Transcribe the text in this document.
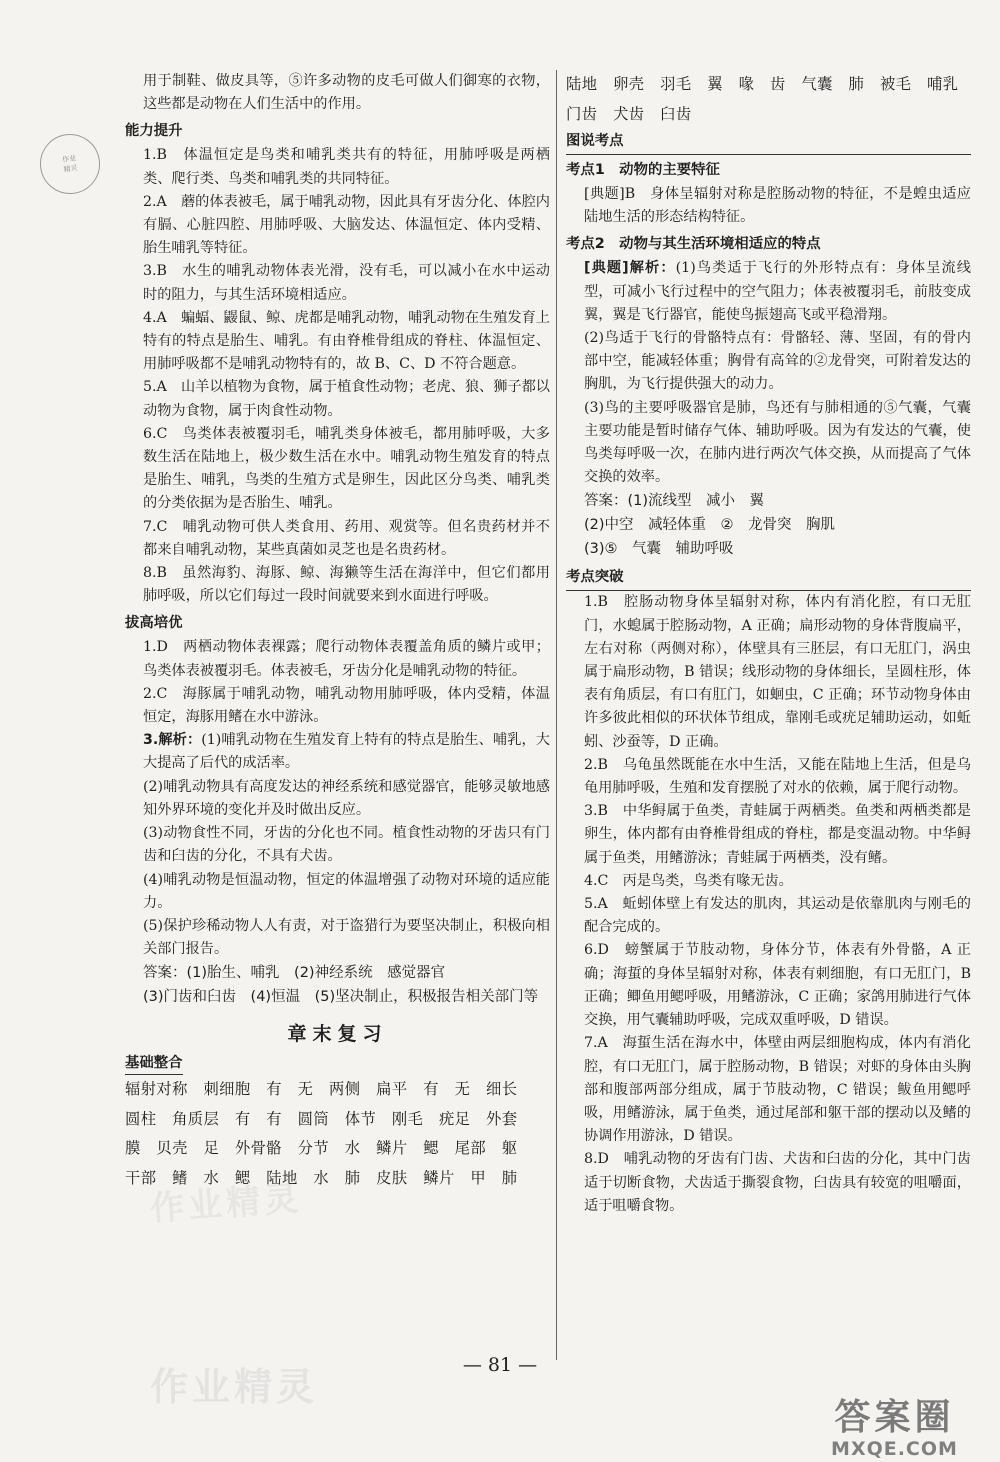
作业
精灵

用于制鞋、做皮具等，⑤许多动物的皮毛可做人们御寒的衣物，这些都是动物在人们生活中的作用。

能力提升

1.B　体温恒定是鸟类和哺乳类共有的特征，用肺呼吸是两栖类、爬行类、鸟类和哺乳类的共同特征。

2.A　蘑的体表被毛，属于哺乳动物，因此具有牙齿分化、体腔内有膈、心脏四腔、用肺呼吸、大脑发达、体温恒定、体内受精、胎生哺乳等特征。

3.B　水生的哺乳动物体表光滑，没有毛，可以减小在水中运动时的阻力，与其生活环境相适应。

4.A　蝙蝠、鼹鼠、鲸、虎都是哺乳动物，哺乳动物在生殖发育上特有的特点是胎生、哺乳。有由脊椎骨组成的脊柱、体温恒定、用肺呼吸都不是哺乳动物特有的，故 B、C、D 不符合题意。

5.A　山羊以植物为食物，属于植食性动物；老虎、狼、狮子都以动物为食物，属于肉食性动物。

6.C　鸟类体表被覆羽毛，哺乳类身体被毛，都用肺呼吸，大多数生活在陆地上，极少数生活在水中。哺乳动物生殖发育的特点是胎生、哺乳，鸟类的生殖方式是卵生，因此区分鸟类、哺乳类的分类依据为是否胎生、哺乳。

7.C　哺乳动物可供人类食用、药用、观赏等。但名贵药材并不都来自哺乳动物，某些真菌如灵芝也是名贵药材。

8.B　虽然海豹、海豚、鲸、海獭等生活在海洋中，但它们都用肺呼吸，所以它们每过一段时间就要来到水面进行呼吸。

拔高培优

1.D　两栖动物体表裸露；爬行动物体表覆盖角质的鳞片或甲；鸟类体表被覆羽毛。体表被毛，牙齿分化是哺乳动物的特征。

2.C　海豚属于哺乳动物，哺乳动物用肺呼吸，体内受精，体温恒定，海豚用鳍在水中游泳。

3.解析：(1)哺乳动物在生殖发育上特有的特点是胎生、哺乳，大大提高了后代的成活率。

(2)哺乳动物具有高度发达的神经系统和感觉器官，能够灵敏地感知外界环境的变化并及时做出反应。

(3)动物食性不同，牙齿的分化也不同。植食性动物的牙齿只有门齿和臼齿的分化，不具有犬齿。

(4)哺乳动物是恒温动物，恒定的体温增强了动物对环境的适应能力。

(5)保护珍稀动物人人有责，对于盗猎行为要坚决制止，积极向相关部门报告。

答案：(1)胎生、哺乳　(2)神经系统　感觉器官

(3)门齿和臼齿　(4)恒温　(5)坚决制止，积极报告相关部门等

章末复习
基础整合
辐射对称　刺细胞　有　无　两侧　扁平　有　无　细长
圆柱　角质层　有　有　圆筒　体节　刚毛　疣足　外套
膜　贝壳　足　外骨骼　分节　水　鳞片　鳃　尾部　躯
干部　鳍　水　鳃　陆地　水　肺　皮肤　鳞片　甲　肺
陆地　卵壳　羽毛　翼　喙　齿　气囊　肺　被毛　哺乳
门齿　犬齿　臼齿
图说考点
考点1　动物的主要特征

[典题]B　身体呈辐射对称是腔肠动物的特征，不是蝗虫适应陆地生活的形态结构特征。

考点2　动物与其生活环境相适应的特点

[典题]解析：(1)鸟类适于飞行的外形特点有：身体呈流线型，可减小飞行过程中的空气阻力；体表被覆羽毛，前肢变成翼，翼是飞行器官，能使鸟振翅高飞或平稳滑翔。

(2)鸟适于飞行的骨骼特点有：骨骼轻、薄、坚固，有的骨内部中空，能减轻体重；胸骨有高耸的②龙骨突，可附着发达的胸肌，为飞行提供强大的动力。

(3)鸟的主要呼吸器官是肺，鸟还有与肺相通的⑤气囊，气囊主要功能是暂时储存气体、辅助呼吸。因为有发达的气囊，使鸟类每呼吸一次，在肺内进行两次气体交换，从而提高了气体交换的效率。

答案：(1)流线型　减小　翼

(2)中空　减轻体重　②　龙骨突　胸肌

(3)⑤　气囊　辅助呼吸

考点突破

1.B　腔肠动物身体呈辐射对称，体内有消化腔，有口无肛门，水螅属于腔肠动物，A 正确；扁形动物的身体背腹扁平，左右对称（两侧对称），体壁具有三胚层，有口无肛门，涡虫属于扁形动物，B 错误；线形动物的身体细长，呈圆柱形，体表有角质层，有口有肛门，如蛔虫，C 正确；环节动物身体由许多彼此相似的环状体节组成，靠刚毛或疣足辅助运动，如蚯蚓、沙蚕等，D 正确。

2.B　乌龟虽然既能在水中生活，又能在陆地上生活，但是乌龟用肺呼吸，生殖和发育摆脱了对水的依赖，属于爬行动物。

3.B　中华鲟属于鱼类，青蛙属于两栖类。鱼类和两栖类都是卵生，体内都有由脊椎骨组成的脊柱，都是变温动物。中华鲟属于鱼类，用鳍游泳；青蛙属于两栖类，没有鳍。

4.C　丙是鸟类，鸟类有喙无齿。

5.A　蚯蚓体壁上有发达的肌肉，其运动是依靠肌肉与刚毛的配合完成的。

6.D　螃蟹属于节肢动物，身体分节，体表有外骨骼，A 正确；海蜇的身体呈辐射对称，体表有刺细胞，有口无肛门，B 正确；鲫鱼用鳃呼吸，用鳍游泳，C 正确；家鸽用肺进行气体交换，用气囊辅助呼吸，完成双重呼吸，D 错误。

7.A　海蜇生活在海水中，体壁由两层细胞构成，体内有消化腔，有口无肛门，属于腔肠动物，B 错误；对虾的身体由头胸部和腹部两部分组成，属于节肢动物，C 错误；鲅鱼用鳃呼吸，用鳍游泳，属于鱼类，通过尾部和躯干部的摆动以及鳍的协调作用游泳，D 错误。

8.D　哺乳动物的牙齿有门齿、犬齿和臼齿的分化，其中门齿适于切断食物，犬齿适于撕裂食物，臼齿具有较宽的咀嚼面，适于咀嚼食物。

— 81 —
作业精灵
作业精灵
答案圈
MXQE.COM
